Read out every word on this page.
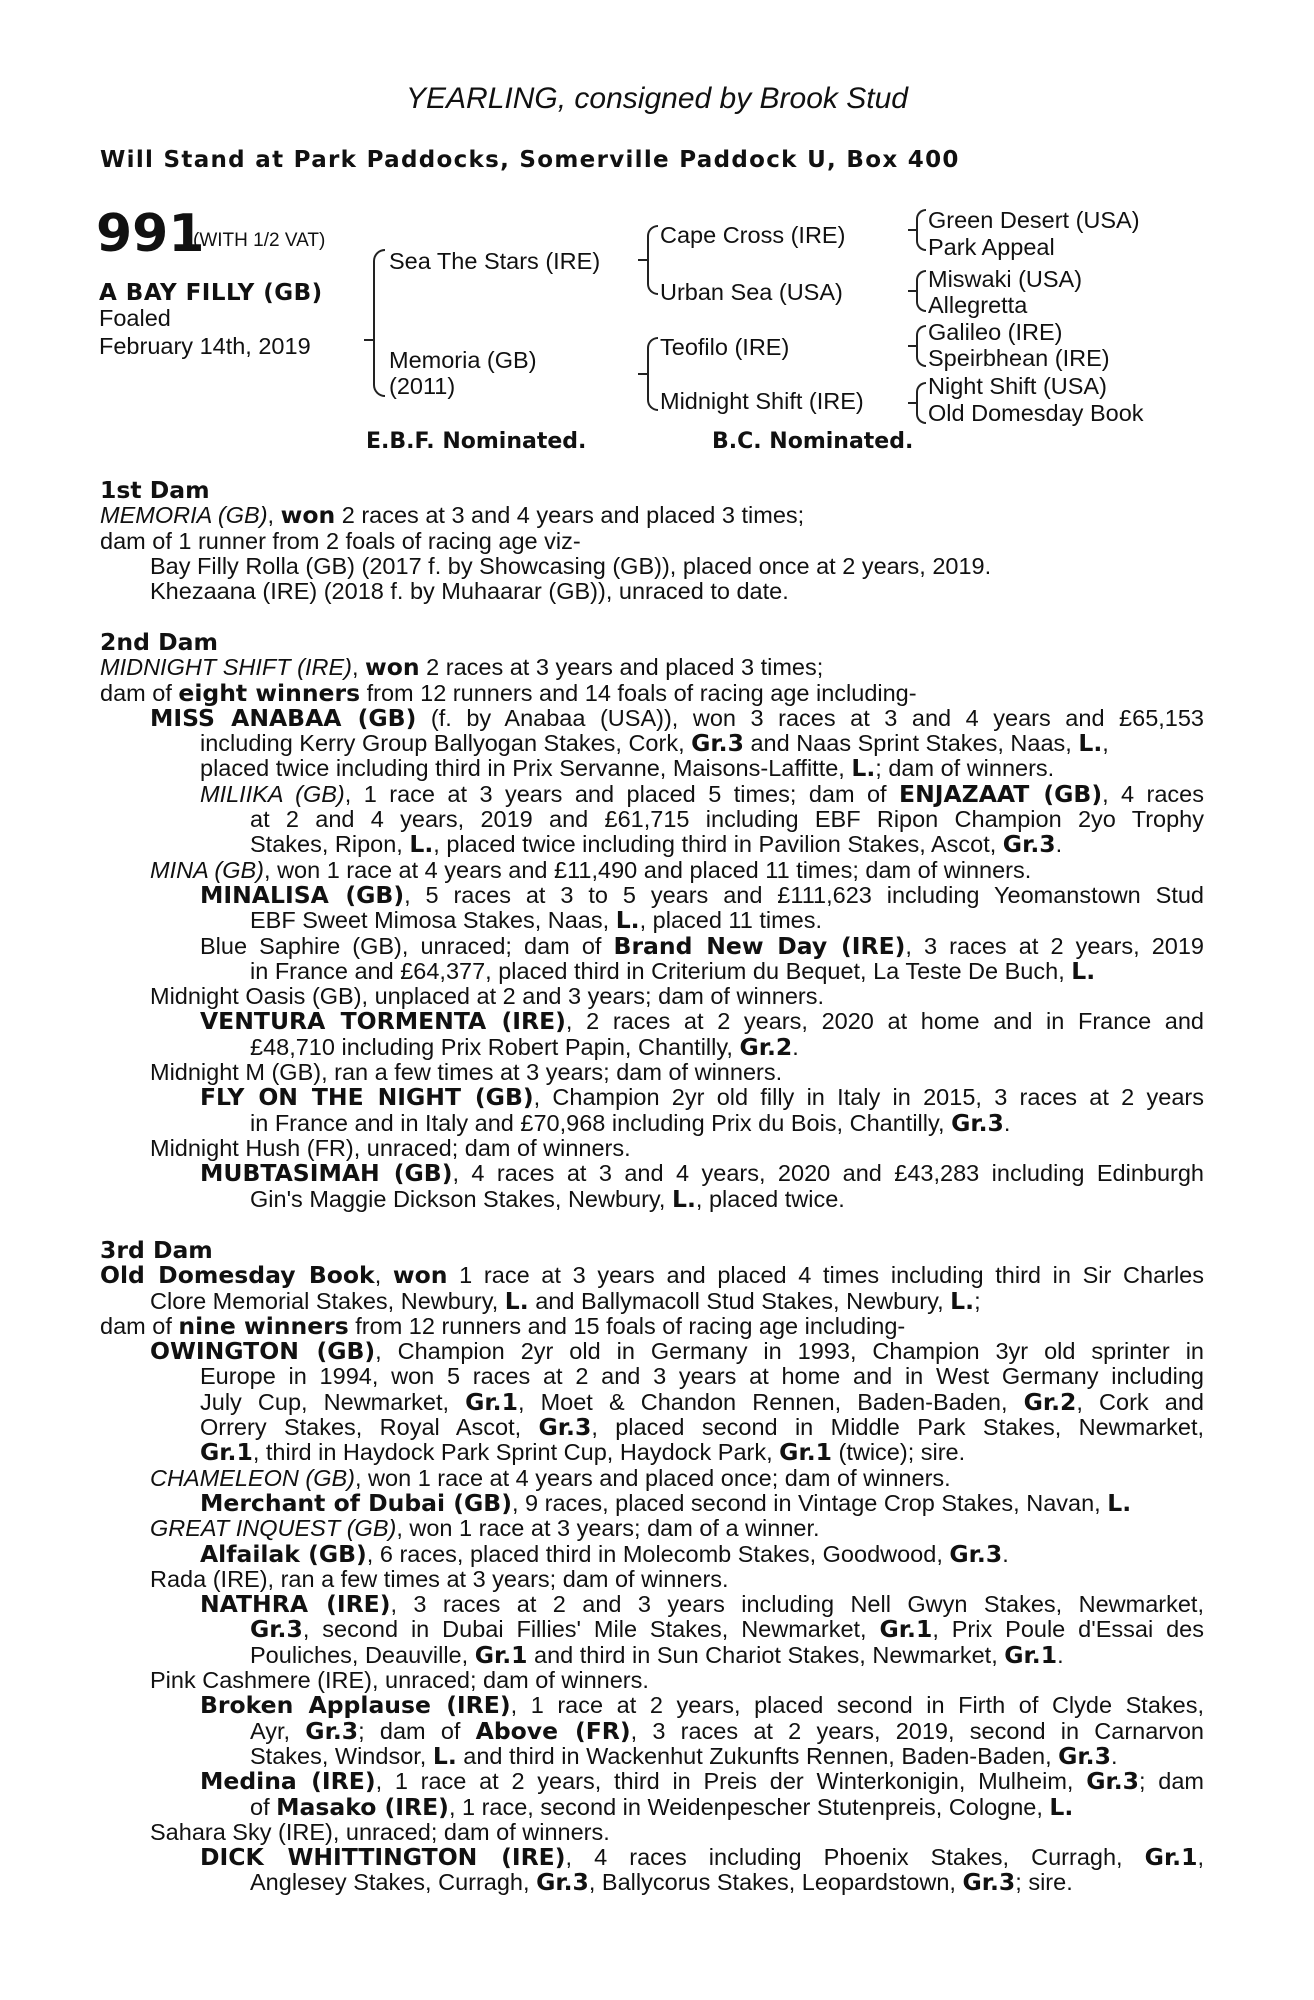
YEARLING, consigned by Brook Stud
Will Stand at Park Paddocks, Somerville Paddock U, Box 400
991
(WITH 1/2 VAT)
A BAY FILLY (GB)
Foaled
February 14th, 2019
Sea The Stars (IRE)
Memoria (GB)
(2011)
Cape Cross (IRE)
Urban Sea (USA)
Teofilo (IRE)
Midnight Shift (IRE)
Green Desert (USA)
Park Appeal
Miswaki (USA)
Allegretta
Galileo (IRE)
Speirbhean (IRE)
Night Shift (USA)
Old Domesday Book
E.B.F. Nominated.	B.C. Nominated.
1st Dam
MEMORIA (GB), won 2 races at 3 and 4 years and placed 3 times;
dam of 1 runner from 2 foals of racing age viz-
Bay Filly Rolla (GB) (2017 f. by Showcasing (GB)), placed once at 2 years, 2019.
Khezaana (IRE) (2018 f. by Muhaarar (GB)), unraced to date.
2nd Dam
MIDNIGHT SHIFT (IRE), won 2 races at 3 years and placed 3 times;
dam of eight winners from 12 runners and 14 foals of racing age including-
MISS ANABAA (GB) (f. by Anabaa (USA)), won 3 races at 3 and 4 years and £65,153
including Kerry Group Ballyogan Stakes, Cork, Gr.3 and Naas Sprint Stakes, Naas, L.,
placed twice including third in Prix Servanne, Maisons-Laffitte, L.; dam of winners.
MILIIKA (GB), 1 race at 3 years and placed 5 times; dam of ENJAZAAT (GB), 4 races
at 2 and 4 years, 2019 and £61,715 including EBF Ripon Champion 2yo Trophy
Stakes, Ripon, L., placed twice including third in Pavilion Stakes, Ascot, Gr.3.
MINA (GB), won 1 race at 4 years and £11,490 and placed 11 times; dam of winners.
MINALISA (GB), 5 races at 3 to 5 years and £111,623 including Yeomanstown Stud
EBF Sweet Mimosa Stakes, Naas, L., placed 11 times.
Blue Saphire (GB), unraced; dam of Brand New Day (IRE), 3 races at 2 years, 2019
in France and £64,377, placed third in Criterium du Bequet, La Teste De Buch, L.
Midnight Oasis (GB), unplaced at 2 and 3 years; dam of winners.
VENTURA TORMENTA (IRE), 2 races at 2 years, 2020 at home and in France and
£48,710 including Prix Robert Papin, Chantilly, Gr.2.
Midnight M (GB), ran a few times at 3 years; dam of winners.
FLY ON THE NIGHT (GB), Champion 2yr old filly in Italy in 2015, 3 races at 2 years
in France and in Italy and £70,968 including Prix du Bois, Chantilly, Gr.3.
Midnight Hush (FR), unraced; dam of winners.
MUBTASIMAH (GB), 4 races at 3 and 4 years, 2020 and £43,283 including Edinburgh
Gin's Maggie Dickson Stakes, Newbury, L., placed twice.
3rd Dam
Old Domesday Book, won 1 race at 3 years and placed 4 times including third in Sir Charles
Clore Memorial Stakes, Newbury, L. and Ballymacoll Stud Stakes, Newbury, L.;
dam of nine winners from 12 runners and 15 foals of racing age including-
OWINGTON (GB), Champion 2yr old in Germany in 1993, Champion 3yr old sprinter in
Europe in 1994, won 5 races at 2 and 3 years at home and in West Germany including
July Cup, Newmarket, Gr.1, Moet & Chandon Rennen, Baden-Baden, Gr.2, Cork and
Orrery Stakes, Royal Ascot, Gr.3, placed second in Middle Park Stakes, Newmarket,
Gr.1, third in Haydock Park Sprint Cup, Haydock Park, Gr.1 (twice); sire.
CHAMELEON (GB), won 1 race at 4 years and placed once; dam of winners.
Merchant of Dubai (GB), 9 races, placed second in Vintage Crop Stakes, Navan, L.
GREAT INQUEST (GB), won 1 race at 3 years; dam of a winner.
Alfailak (GB), 6 races, placed third in Molecomb Stakes, Goodwood, Gr.3.
Rada (IRE), ran a few times at 3 years; dam of winners.
NATHRA (IRE), 3 races at 2 and 3 years including Nell Gwyn Stakes, Newmarket,
Gr.3, second in Dubai Fillies' Mile Stakes, Newmarket, Gr.1, Prix Poule d'Essai des
Pouliches, Deauville, Gr.1 and third in Sun Chariot Stakes, Newmarket, Gr.1.
Pink Cashmere (IRE), unraced; dam of winners.
Broken Applause (IRE), 1 race at 2 years, placed second in Firth of Clyde Stakes,
Ayr, Gr.3; dam of Above (FR), 3 races at 2 years, 2019, second in Carnarvon
Stakes, Windsor, L. and third in Wackenhut Zukunfts Rennen, Baden-Baden, Gr.3.
Medina (IRE), 1 race at 2 years, third in Preis der Winterkonigin, Mulheim, Gr.3; dam
of Masako (IRE), 1 race, second in Weidenpescher Stutenpreis, Cologne, L.
Sahara Sky (IRE), unraced; dam of winners.
DICK WHITTINGTON (IRE), 4 races including Phoenix Stakes, Curragh, Gr.1,
Anglesey Stakes, Curragh, Gr.3, Ballycorus Stakes, Leopardstown, Gr.3; sire.
